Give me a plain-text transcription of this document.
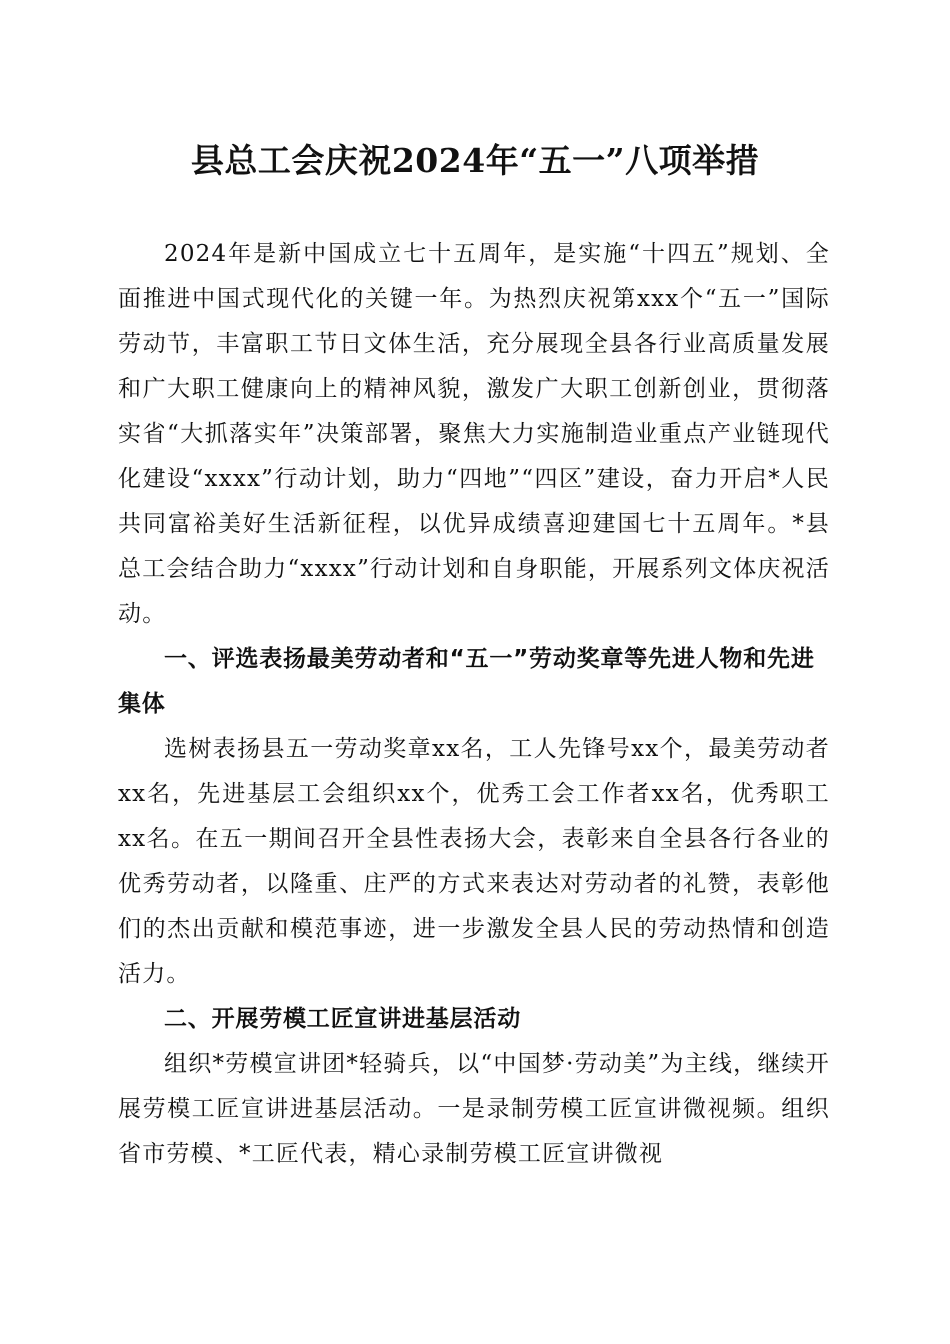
县总工会庆祝2024年“五一”八项举措

2024年是新中国成立七十五周年，是实施“十四五”规划、全面推进中国式现代化的关键一年。为热烈庆祝第xxx个“五一”国际劳动节，丰富职工节日文体生活，充分展现全县各行业高质量发展和广大职工健康向上的精神风貌，激发广大职工创新创业，贯彻落实省“大抓落实年”决策部署，聚焦大力实施制造业重点产业链现代化建设“xxxx”行动计划，助力“四地”“四区”建设，奋力开启*人民共同富裕美好生活新征程，以优异成绩喜迎建国七十五周年。*县总工会结合助力“xxxx”行动计划和自身职能，开展系列文体庆祝活动。

一、评选表扬最美劳动者和“五一”劳动奖章等先进人物和先进集体

选树表扬县五一劳动奖章xx名，工人先锋号xx个，最美劳动者xx名，先进基层工会组织xx个，优秀工会工作者xx名，优秀职工xx名。在五一期间召开全县性表扬大会，表彰来自全县各行各业的优秀劳动者，以隆重、庄严的方式来表达对劳动者的礼赞，表彰他们的杰出贡献和模范事迹，进一步激发全县人民的劳动热情和创造活力。

二、开展劳模工匠宣讲进基层活动

组织*劳模宣讲团*轻骑兵，以“中国梦·劳动美”为主线，继续开展劳模工匠宣讲进基层活动。一是录制劳模工匠宣讲微视频。组织省市劳模、*工匠代表，精心录制劳模工匠宣讲微视
